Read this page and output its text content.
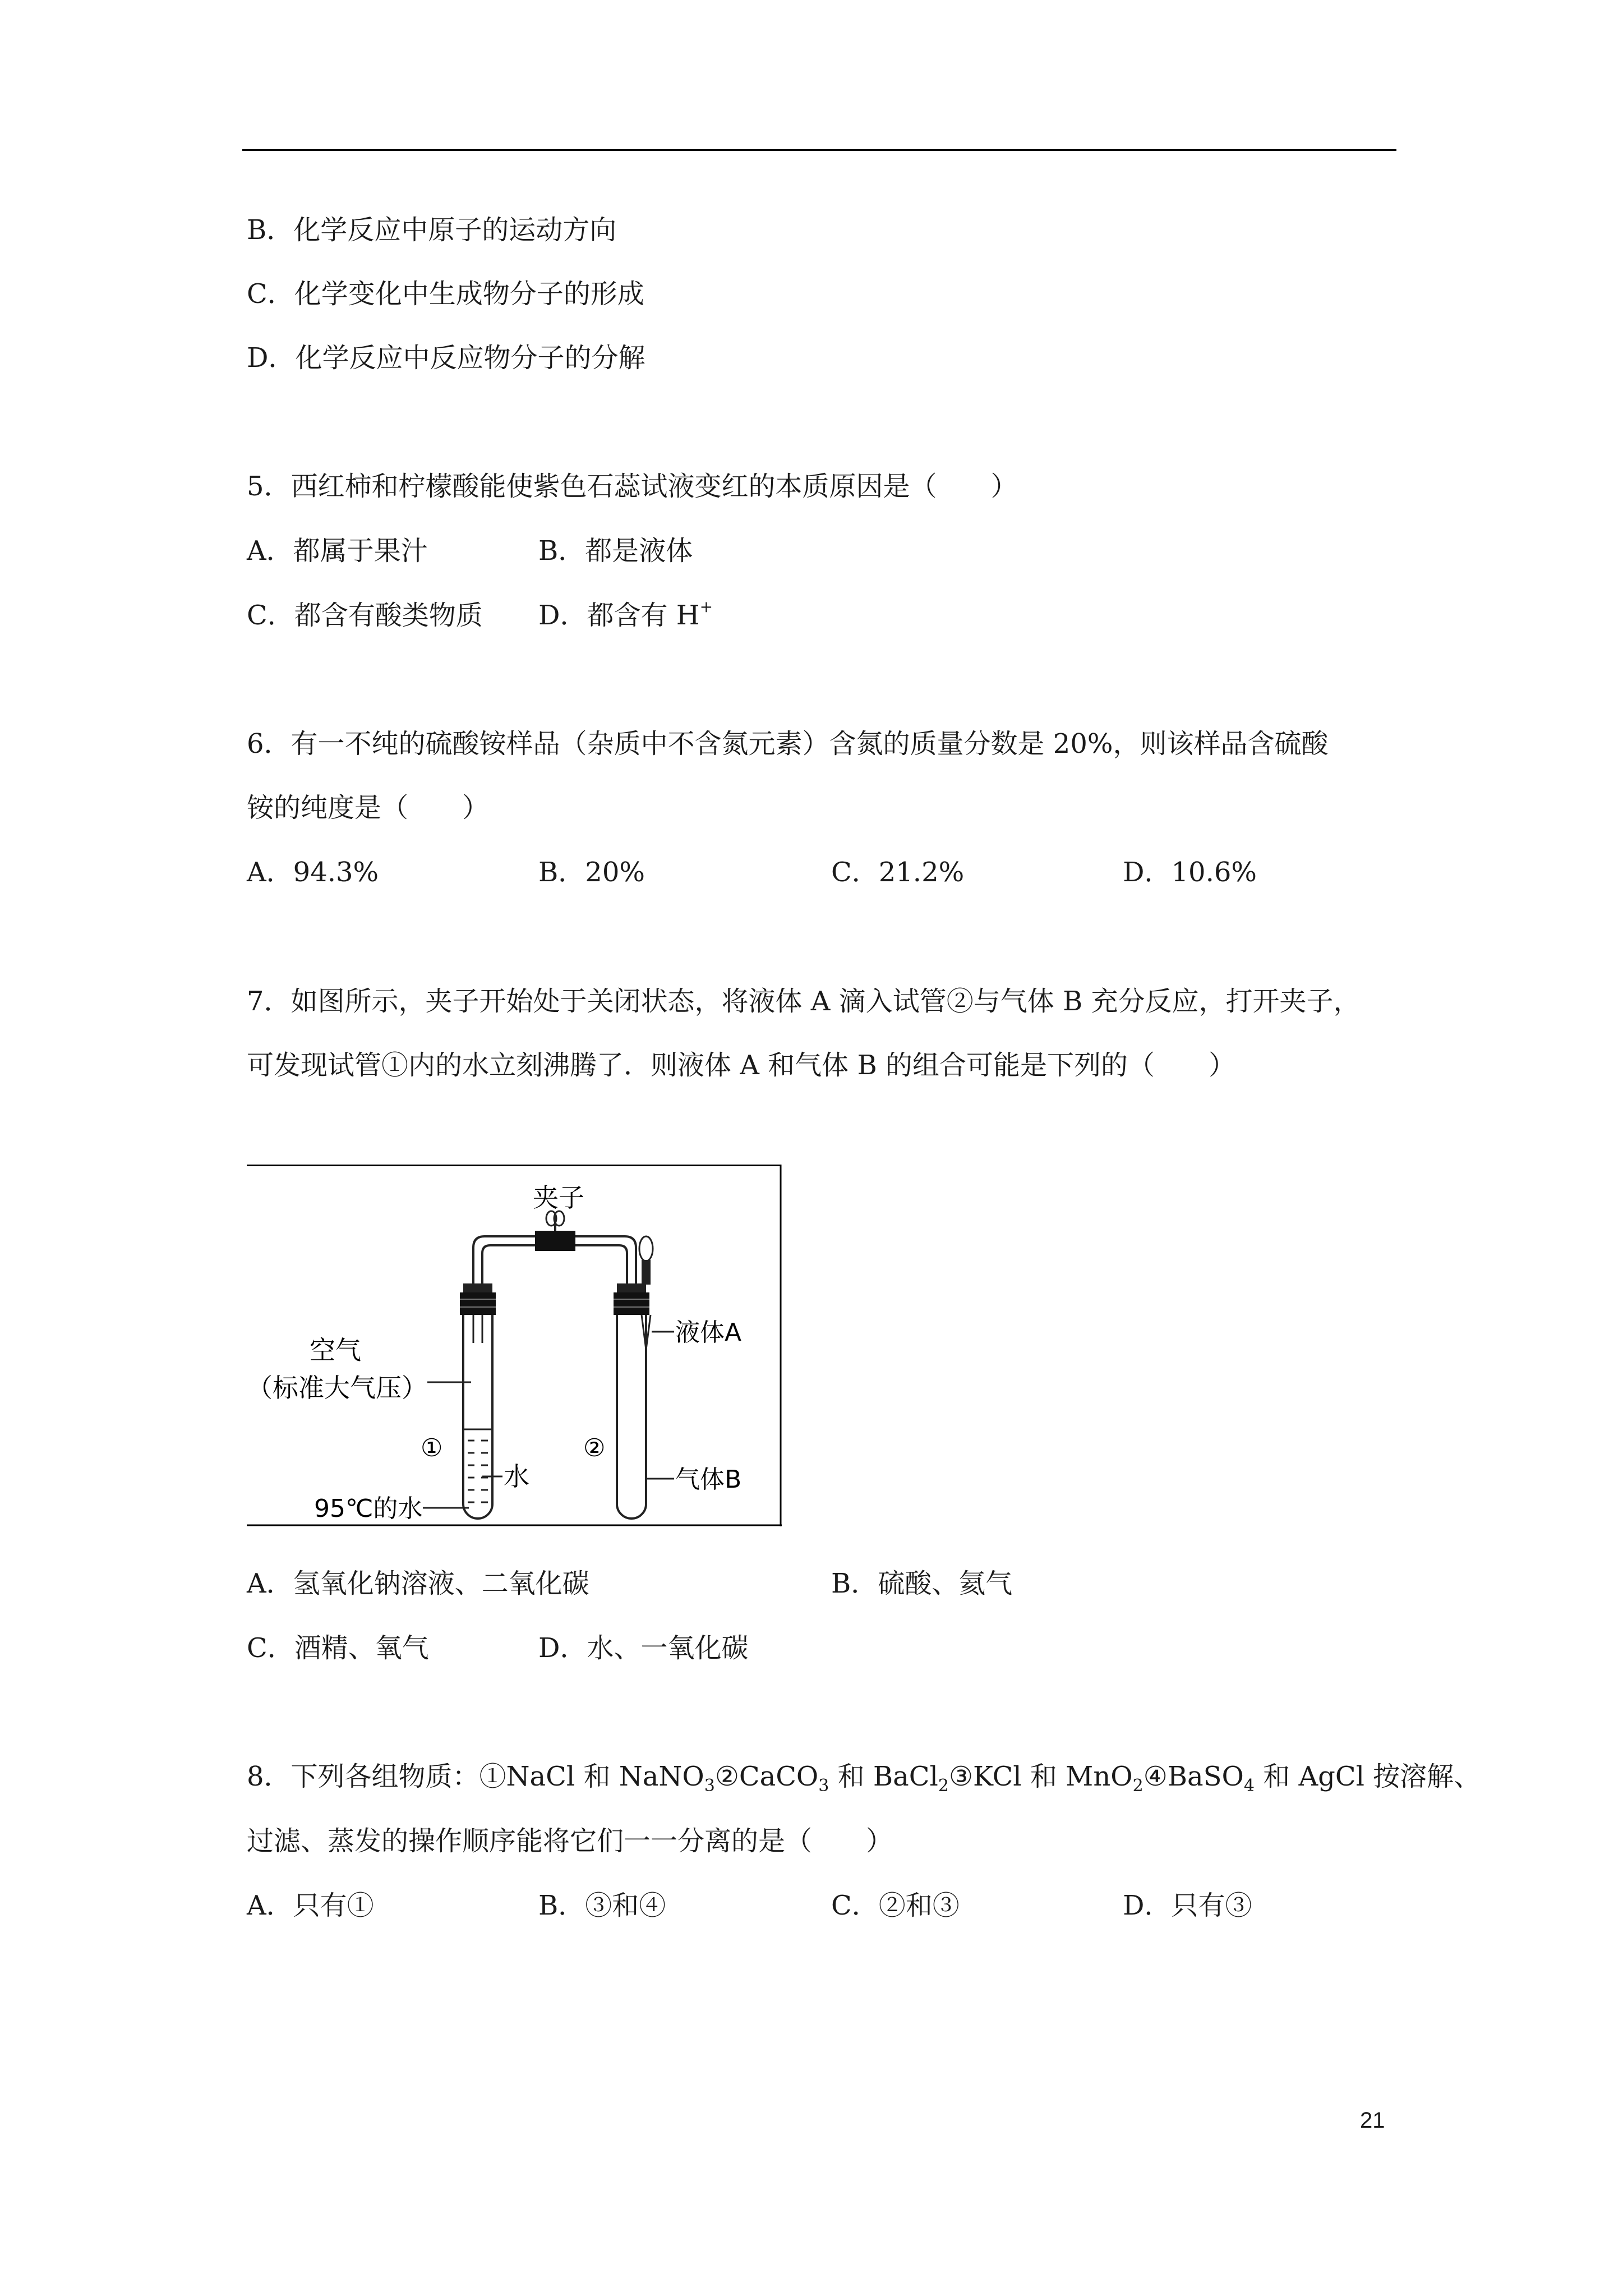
B．化学反应中原子的运动方向
C．化学变化中生成物分子的形成
D．化学反应中反应物分子的分解
5．西红柿和柠檬酸能使紫色石蕊试液变红的本质原因是（　　）
A．都属于果汁	B．都是液体
C．都含有酸类物质 D．都含有 H+
6．有一不纯的硫酸铵样品（杂质中不含氮元素）含氮的质量分数是 20%，则该样品含硫酸
铵的纯度是（　　）
A．94.3%	B．20%	C．21.2%	D．10.6%
7．如图所示，夹子开始处于关闭状态，将液体 A 滴入试管②与气体 B 充分反应，打开夹子，
可发现试管①内的水立刻沸腾了．则液体 A 和气体 B 的组合可能是下列的（　　）
夹子
空气
（标准大气压）
①	②
水
95℃的水
液体A
气体B
A．氢氧化钠溶液、二氧化碳	B．硫酸、氦气
C．酒精、氧气	D．水、一氧化碳
8．下列各组物质：①NaCl 和 NaNO$_3$②CaCO$_3$ 和 BaCl$_2$③KCl 和 MnO$_2$④BaSO$_4$ 和 AgCl 按溶解、
过滤、蒸发的操作顺序能将它们一一分离的是（　　）
A．只有①	B．③和④	C．②和③	D．只有③
21
